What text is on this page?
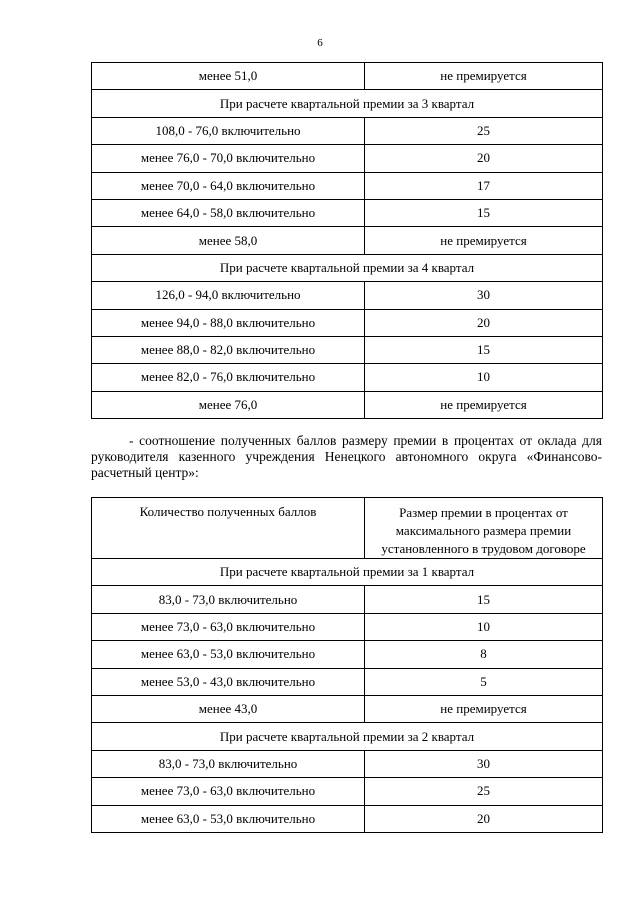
6
менее 51,0	не премируется
При расчете квартальной премии за 3 квартал	
108,0 - 76,0 включительно	25
менее 76,0 - 70,0 включительно	20
менее 70,0 - 64,0 включительно	17
менее 64,0 - 58,0 включительно	15
менее 58,0	не премируется
При расчете квартальной премии за 4 квартал	
126,0 - 94,0 включительно	30
менее 94,0 - 88,0 включительно	20
менее 88,0 - 82,0 включительно	15
менее 82,0 - 76,0 включительно	10
менее 76,0	не премируется
- соотношение полученных баллов размеру премии в процентах от оклада для руководителя казенного учреждения Ненецкого автономного округа «Финансово-расчетный центр»:
Количество полученных баллов	Размер премии в процентах от максимального размера премии установленного в трудовом договоре
При расчете квартальной премии за 1 квартал	
83,0 - 73,0 включительно	15
менее 73,0 - 63,0 включительно	10
менее 63,0 - 53,0 включительно	8
менее 53,0 - 43,0 включительно	5
менее 43,0	не премируется
При расчете квартальной премии за 2 квартал	
83,0 - 73,0 включительно	30
менее 73,0 - 63,0 включительно	25
менее 63,0 - 53,0 включительно	20
